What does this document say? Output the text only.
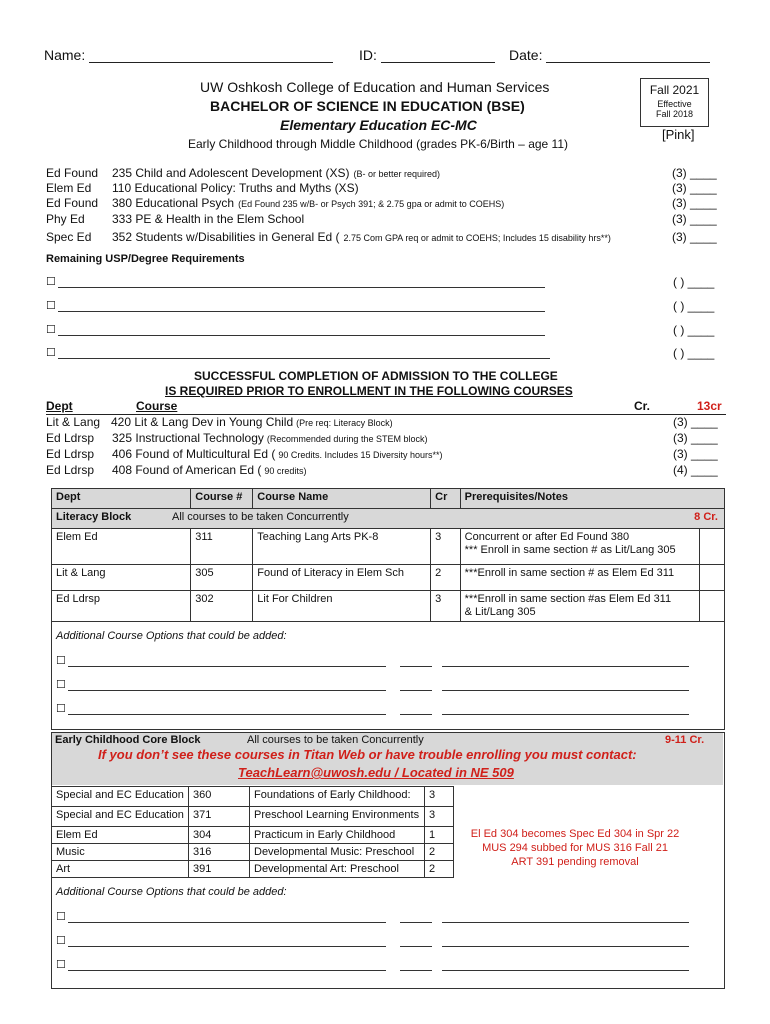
Name:	ID:	Date:
UW Oshkosh College of Education and Human Services
BACHELOR OF SCIENCE IN EDUCATION (BSE)
Elementary Education EC-MC
Early Childhood through Middle Childhood (grades PK-6/Birth – age 11)
Fall 2021
Effective
Fall 2018
[Pink]
Ed Found 235 Child and Adolescent Development (XS) (B- or better required)	(3) ____
Elem Ed 110 Educational Policy: Truths and Myths (XS)	(3) ____
Ed Found 380 Educational Psych (Ed Found 235 w/B- or Psych 391; & 2.75 gpa or admit to COEHS)	(3) ____
Phy Ed 333 PE & Health in the Elem School	(3) ____
Spec Ed 352 Students w/Disabilities in General Ed ( 2.75 Com GPA req or admit to COEHS; Includes 15 disability hrs**)	(3) ____
Remaining USP/Degree Requirements
☐	( ) ____
☐	( ) ____
☐	( ) ____
☐	( ) ____
SUCCESSFUL COMPLETION OF ADMISSION TO THE COLLEGE
IS REQUIRED PRIOR TO ENROLLMENT IN THE FOLLOWING COURSES
Dept	Course	Cr.	13cr
Lit & Lang 420 Lit & Lang Dev in Young Child (Pre req: Literacy Block)	(3) ____
Ed Ldrsp 325 Instructional Technology (Recommended during the STEM block)	(3) ____
Ed Ldrsp 406 Found of Multicultural Ed ( 90 Credits. Includes 15 Diversity hours**)	(3) ____
Ed Ldrsp 408 Found of American Ed ( 90 credits)	(4) ____
Dept	Course #	Course Name	Cr	Prerequisites/Notes	
Literacy Block All courses to be taken Concurrently 8 Cr.					

Elem Ed	311	Teaching Lang Arts PK-8	3	Concurrent or after Ed Found 380
*** Enroll in same section # as Lit/Lang 305	

Lit & Lang	305	Found of Literacy in Elem Sch	2	***Enroll in same section # as Elem Ed 311	

Ed Ldrsp	302	Lit For Children	3	***Enroll in same section #as Elem Ed 311
& Lit/Lang 305	

Additional Course Options that could be added:
☐
☐
☐
Early Childhood Core Block	All courses to be taken Concurrently	9-11 Cr.
If you don’t see these courses in Titan Web or have trouble enrolling you must contact:
TeachLearn@uwosh.edu / Located in NE 509
Special and EC Education	360	Foundations of Early Childhood:	3
Special and EC Education	371	Preschool Learning Environments	3
Elem Ed	304	Practicum in Early Childhood	1
Music	316	Developmental Music: Preschool	2
Art	391	Developmental Art: Preschool	2
El Ed 304 becomes Spec Ed 304 in Spr 22
MUS 294 subbed for MUS 316 Fall 21
ART 391 pending removal
Additional Course Options that could be added:
☐
☐
☐
